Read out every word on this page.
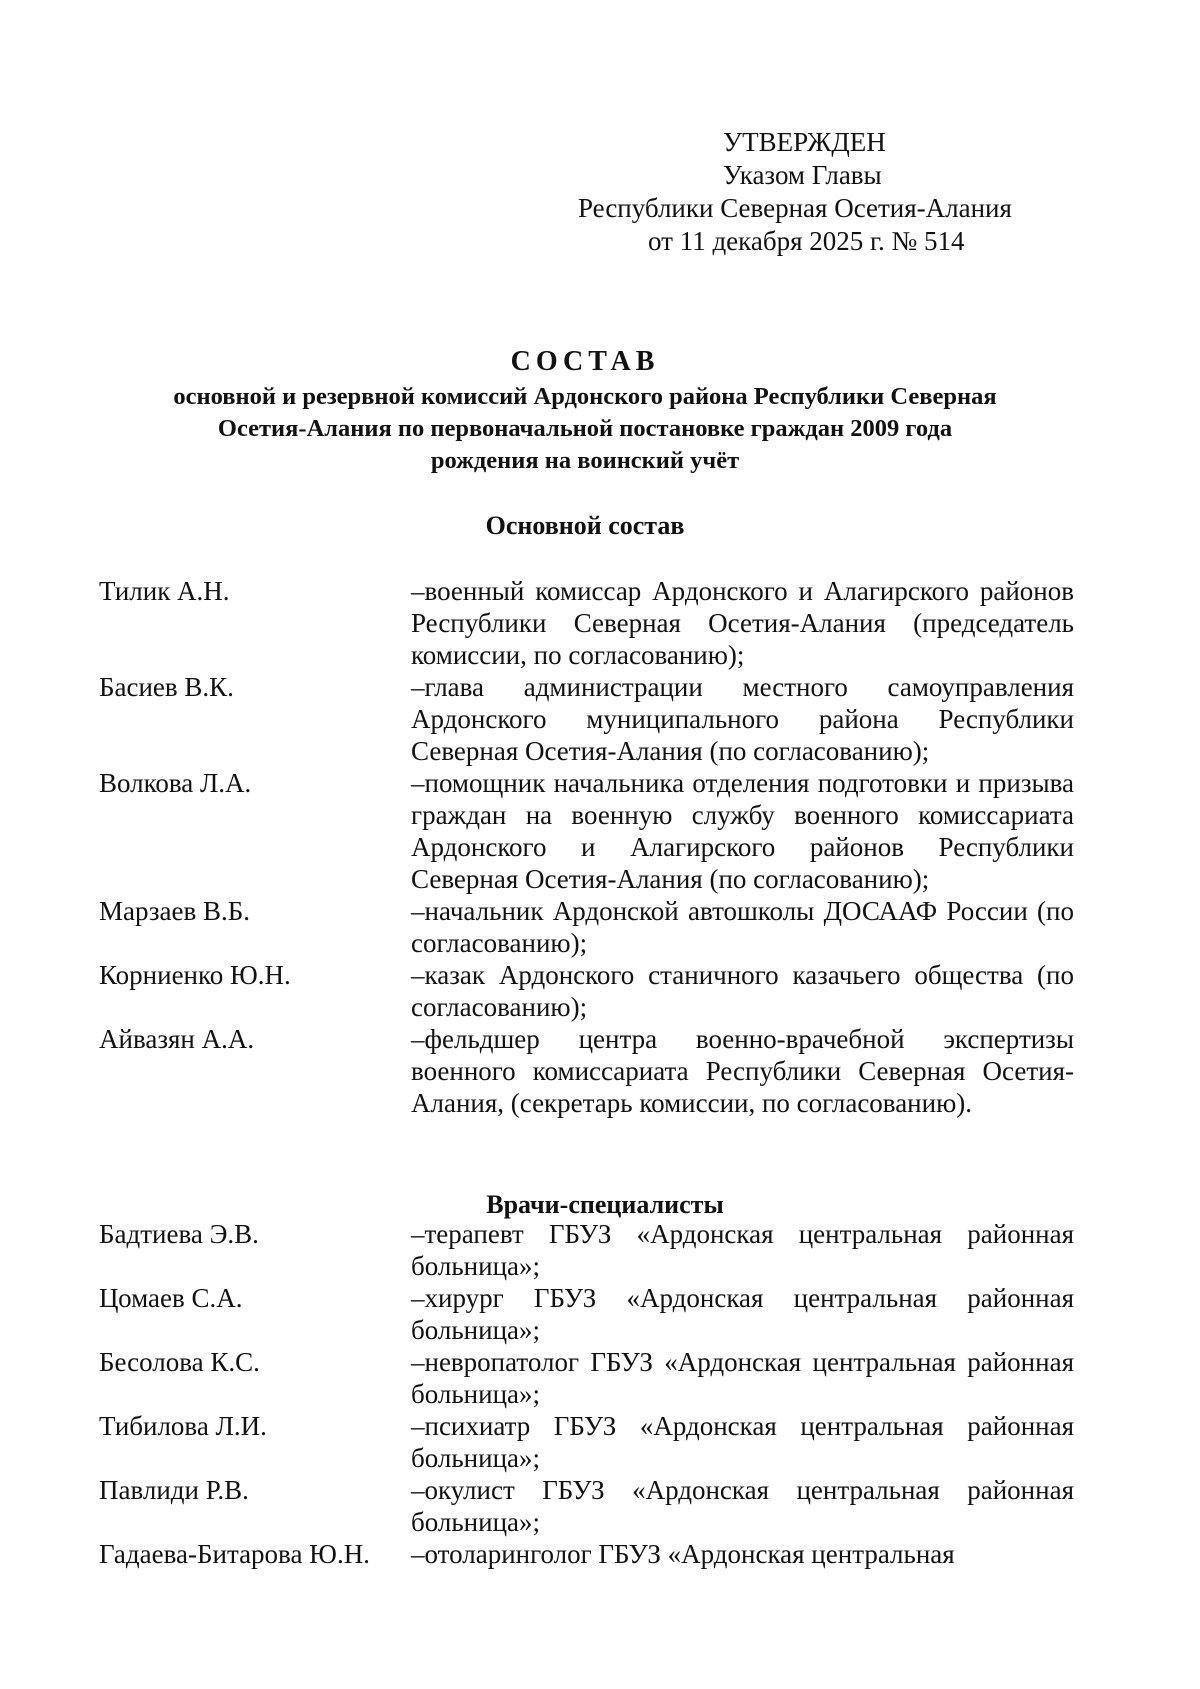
УТВЕРЖДЕН
Указом Главы
Республики Северная Осетия-Алания
от 11 декабря 2025 г. № 514
СОСТАВ
основной и резервной комиссий Ардонского района Республики Северная
Осетия-Алания по первоначальной постановке граждан 2009 года
рождения на воинский учёт
Основной состав
Тилик А.Н.	–военный комиссар Ардонского и Алагирского районов Республики Северная Осетия-Алания (председатель комиссии, по согласованию);
Басиев В.К.	–глава администрации местного самоуправления Ардонского муниципального района Республики Северная Осетия-Алания (по согласованию);
Волкова Л.А.	–помощник начальника отделения подготовки и призыва граждан на военную службу военного комиссариата Ардонского и Алагирского районов Республики Северная Осетия-Алания (по согласованию);
Марзаев В.Б.	–начальник Ардонской автошколы ДОСААФ России (по согласованию);
Корниенко Ю.Н.	–казак Ардонского станичного казачьего общества (по согласованию);
Айвазян А.А.	–фельдшер центра военно-врачебной экспертизы военного комиссариата Республики Северная Осетия-Алания, (секретарь комиссии, по согласованию).
Врачи-специалисты
Бадтиева Э.В.	–терапевт ГБУЗ «Ардонская центральная районная больница»;
Цомаев С.А.	–хирург ГБУЗ «Ардонская центральная районная больница»;
Бесолова К.С.	–невропатолог ГБУЗ «Ардонская центральная районная больница»;
Тибилова Л.И.	–психиатр ГБУЗ «Ардонская центральная районная больница»;
Павлиди Р.В.	–окулист ГБУЗ «Ардонская центральная районная больница»;
Гадаева-Битарова Ю.Н.	–отоларинголог ГБУЗ «Ардонская центральная
